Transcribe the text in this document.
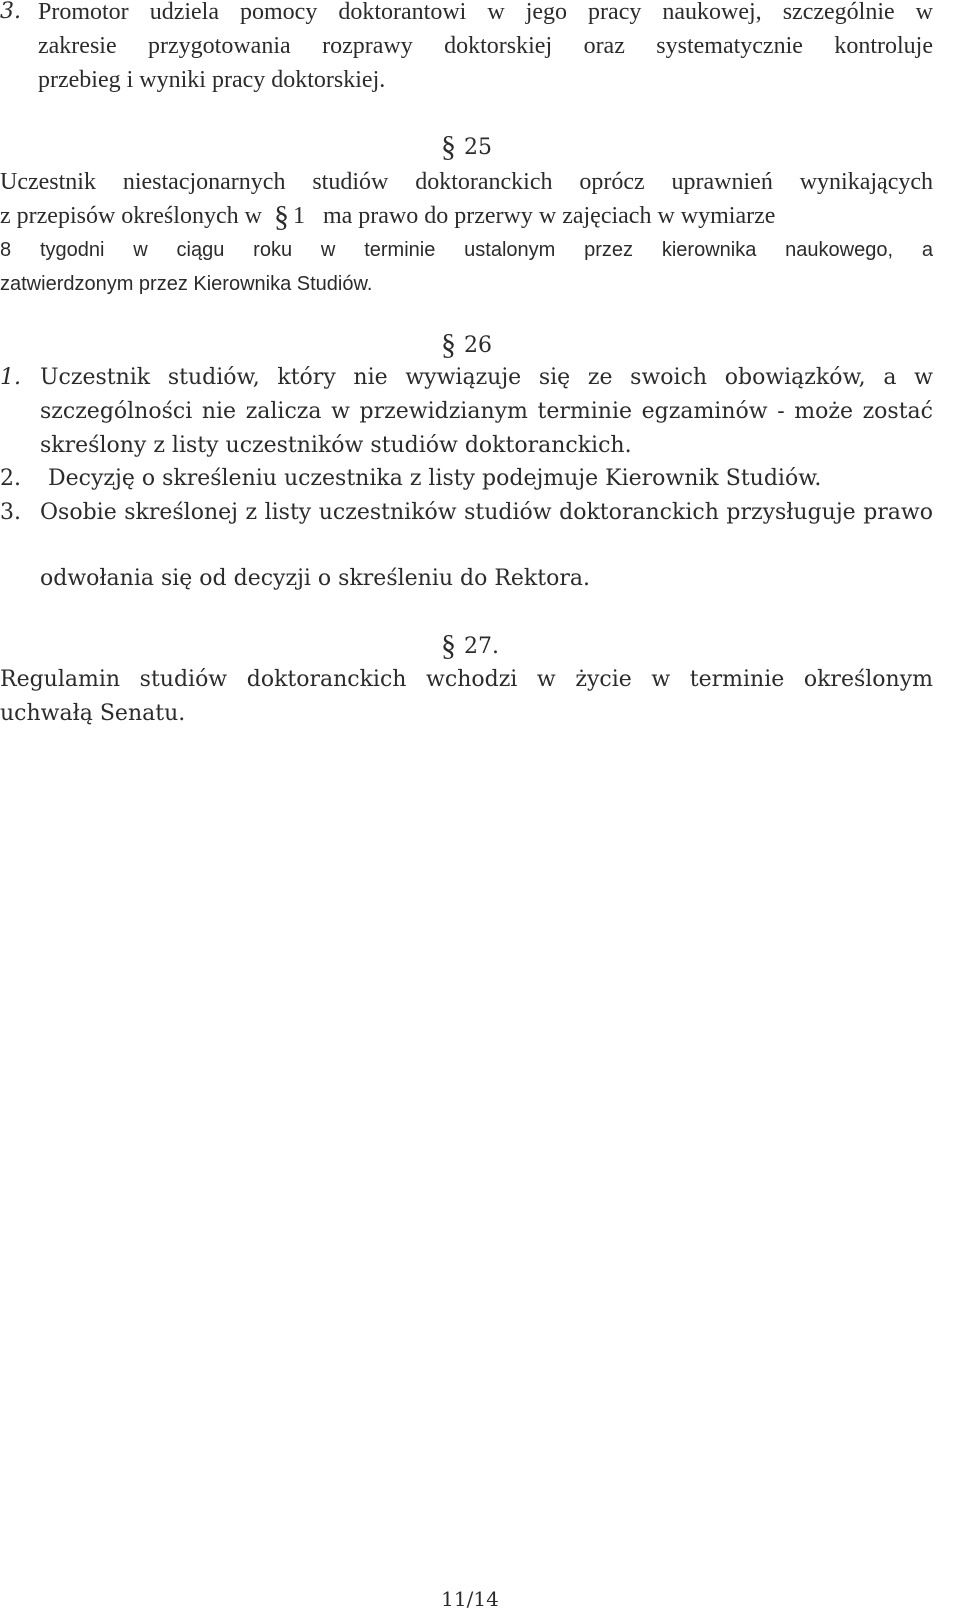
3. Promotor udziela pomocy doktorantowi w jego pracy naukowej, szczególnie w
zakresie przygotowania rozprawy doktorskiej oraz systematycznie kontroluje
przebieg i wyniki pracy doktorskiej.
§ 25
Uczestnik niestacjonarnych studiów doktoranckich oprócz uprawnień wynikających
z przepisów określonych w § 1 ma prawo do przerwy w zajęciach w wymiarze
8 tygodni w ciągu roku w terminie ustalonym przez kierownika naukowego, a
zatwierdzonym przez Kierownika Studiów.
§ 26
1. Uczestnik studiów, który nie wywiązuje się ze swoich obowiązków, a w
szczególności nie zalicza w przewidzianym terminie egzaminów - może zostać
skreślony z listy uczestników studiów doktoranckich.
2.	Decyzję o skreśleniu uczestnika z listy podejmuje Kierownik Studiów.
3. Osobie skreślonej z listy uczestników studiów doktoranckich przysługuje prawo
odwołania się od decyzji o skreśleniu do Rektora.
§ 27.
Regulamin studiów doktoranckich wchodzi w życie w terminie określonym
uchwałą Senatu.
11/14
